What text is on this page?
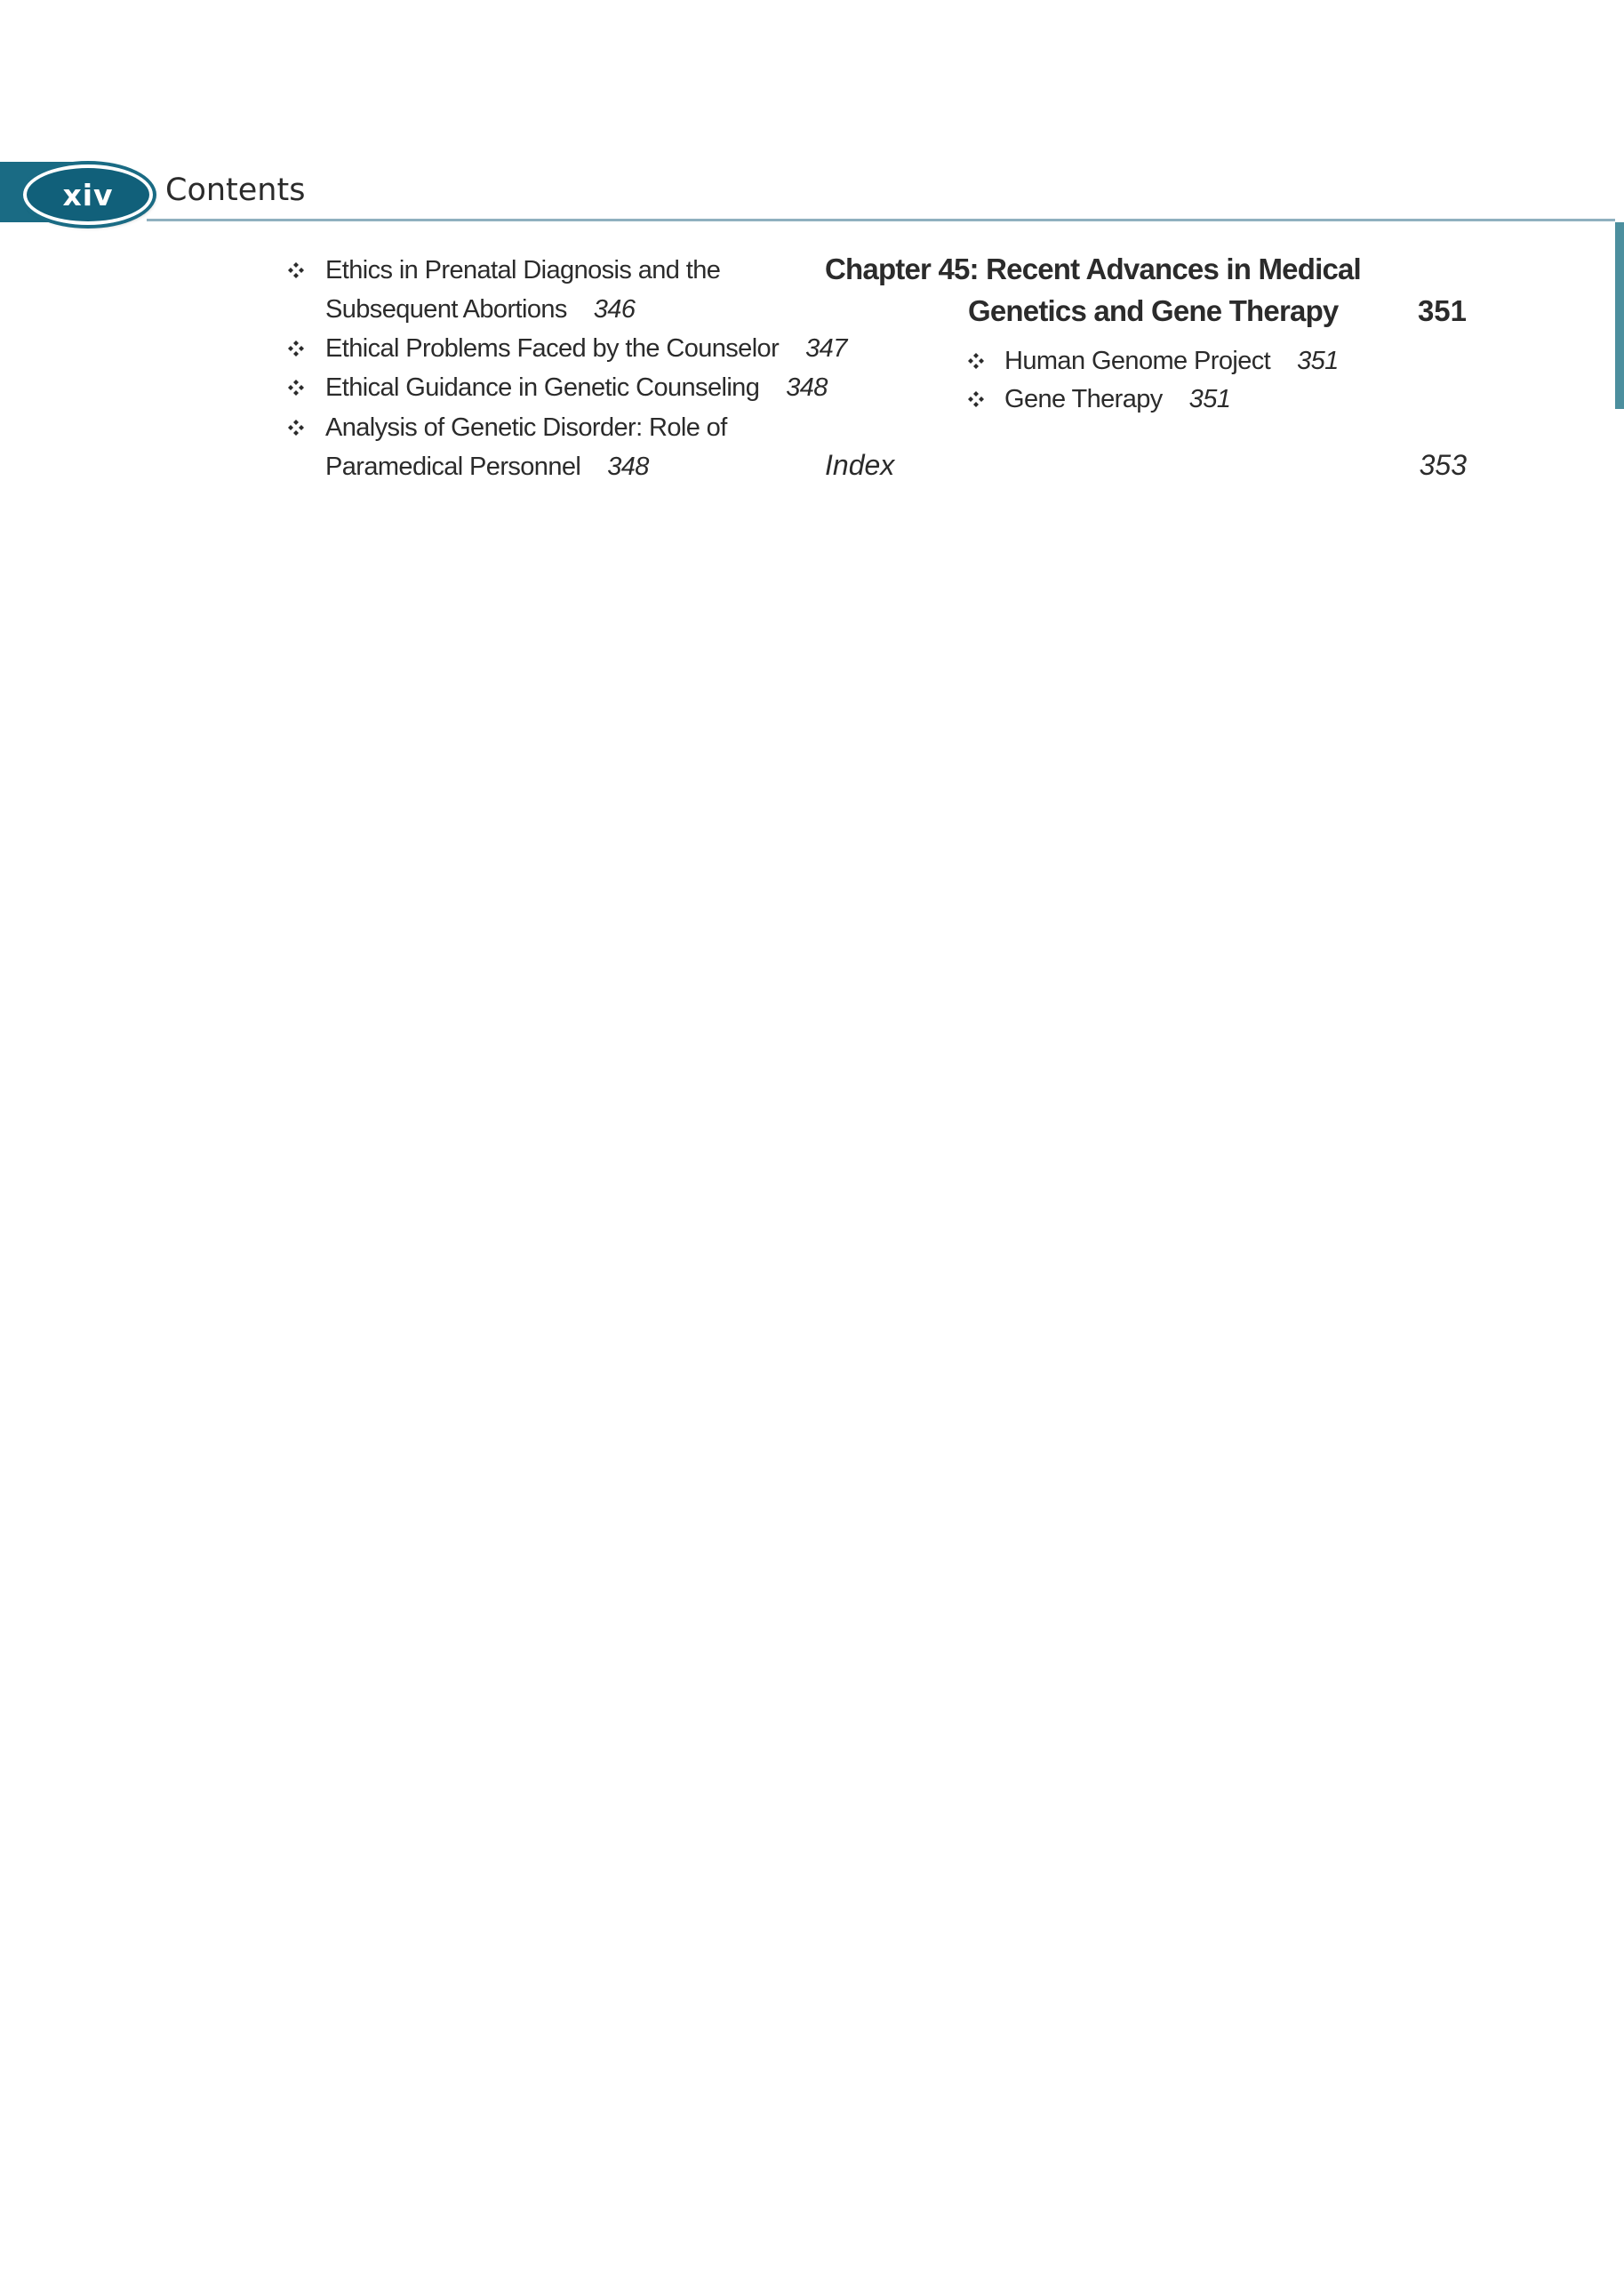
xiv	Contents
Ethics in Prenatal Diagnosis and the
Subsequent Abortions 346
Ethical Problems Faced by the Counselor 347
Ethical Guidance in Genetic Counseling 348
Analysis of Genetic Disorder: Role of
Paramedical Personnel 348
Chapter 45: Recent Advances in Medical
Genetics and Gene Therapy	351
Human Genome Project 351
Gene Therapy 351
Index	353
